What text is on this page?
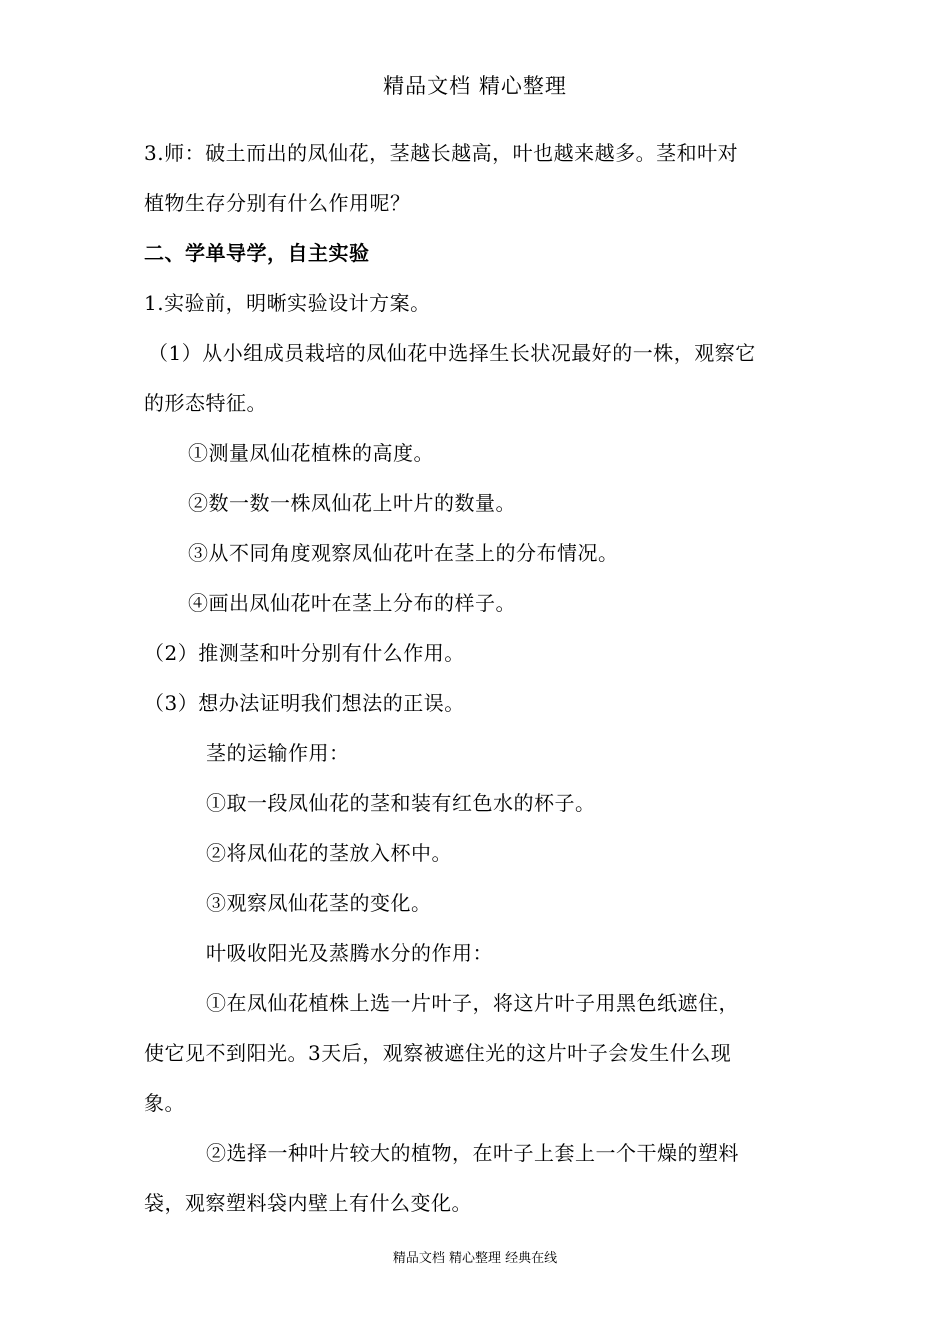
精品文档 精心整理
3.师：破土而出的凤仙花，茎越长越高，叶也越来越多。茎和叶对
植物生存分别有什么作用呢？
二、学单导学，自主实验
1.实验前，明晰实验设计方案。
（1）从小组成员栽培的凤仙花中选择生长状况最好的一株，观察它
的形态特征。
①测量凤仙花植株的高度。
②数一数一株凤仙花上叶片的数量。
③从不同角度观察凤仙花叶在茎上的分布情况。
④画出凤仙花叶在茎上分布的样子。
（2）推测茎和叶分别有什么作用。
（3）想办法证明我们想法的正误。
茎的运输作用：
①取一段凤仙花的茎和装有红色水的杯子。
②将凤仙花的茎放入杯中。
③观察凤仙花茎的变化。
叶吸收阳光及蒸腾水分的作用：
①在凤仙花植株上选一片叶子，将这片叶子用黑色纸遮住，
使它见不到阳光。3天后，观察被遮住光的这片叶子会发生什么现
象。
②选择一种叶片较大的植物，在叶子上套上一个干燥的塑料
袋，观察塑料袋内壁上有什么变化。
精品文档 精心整理 经典在线
